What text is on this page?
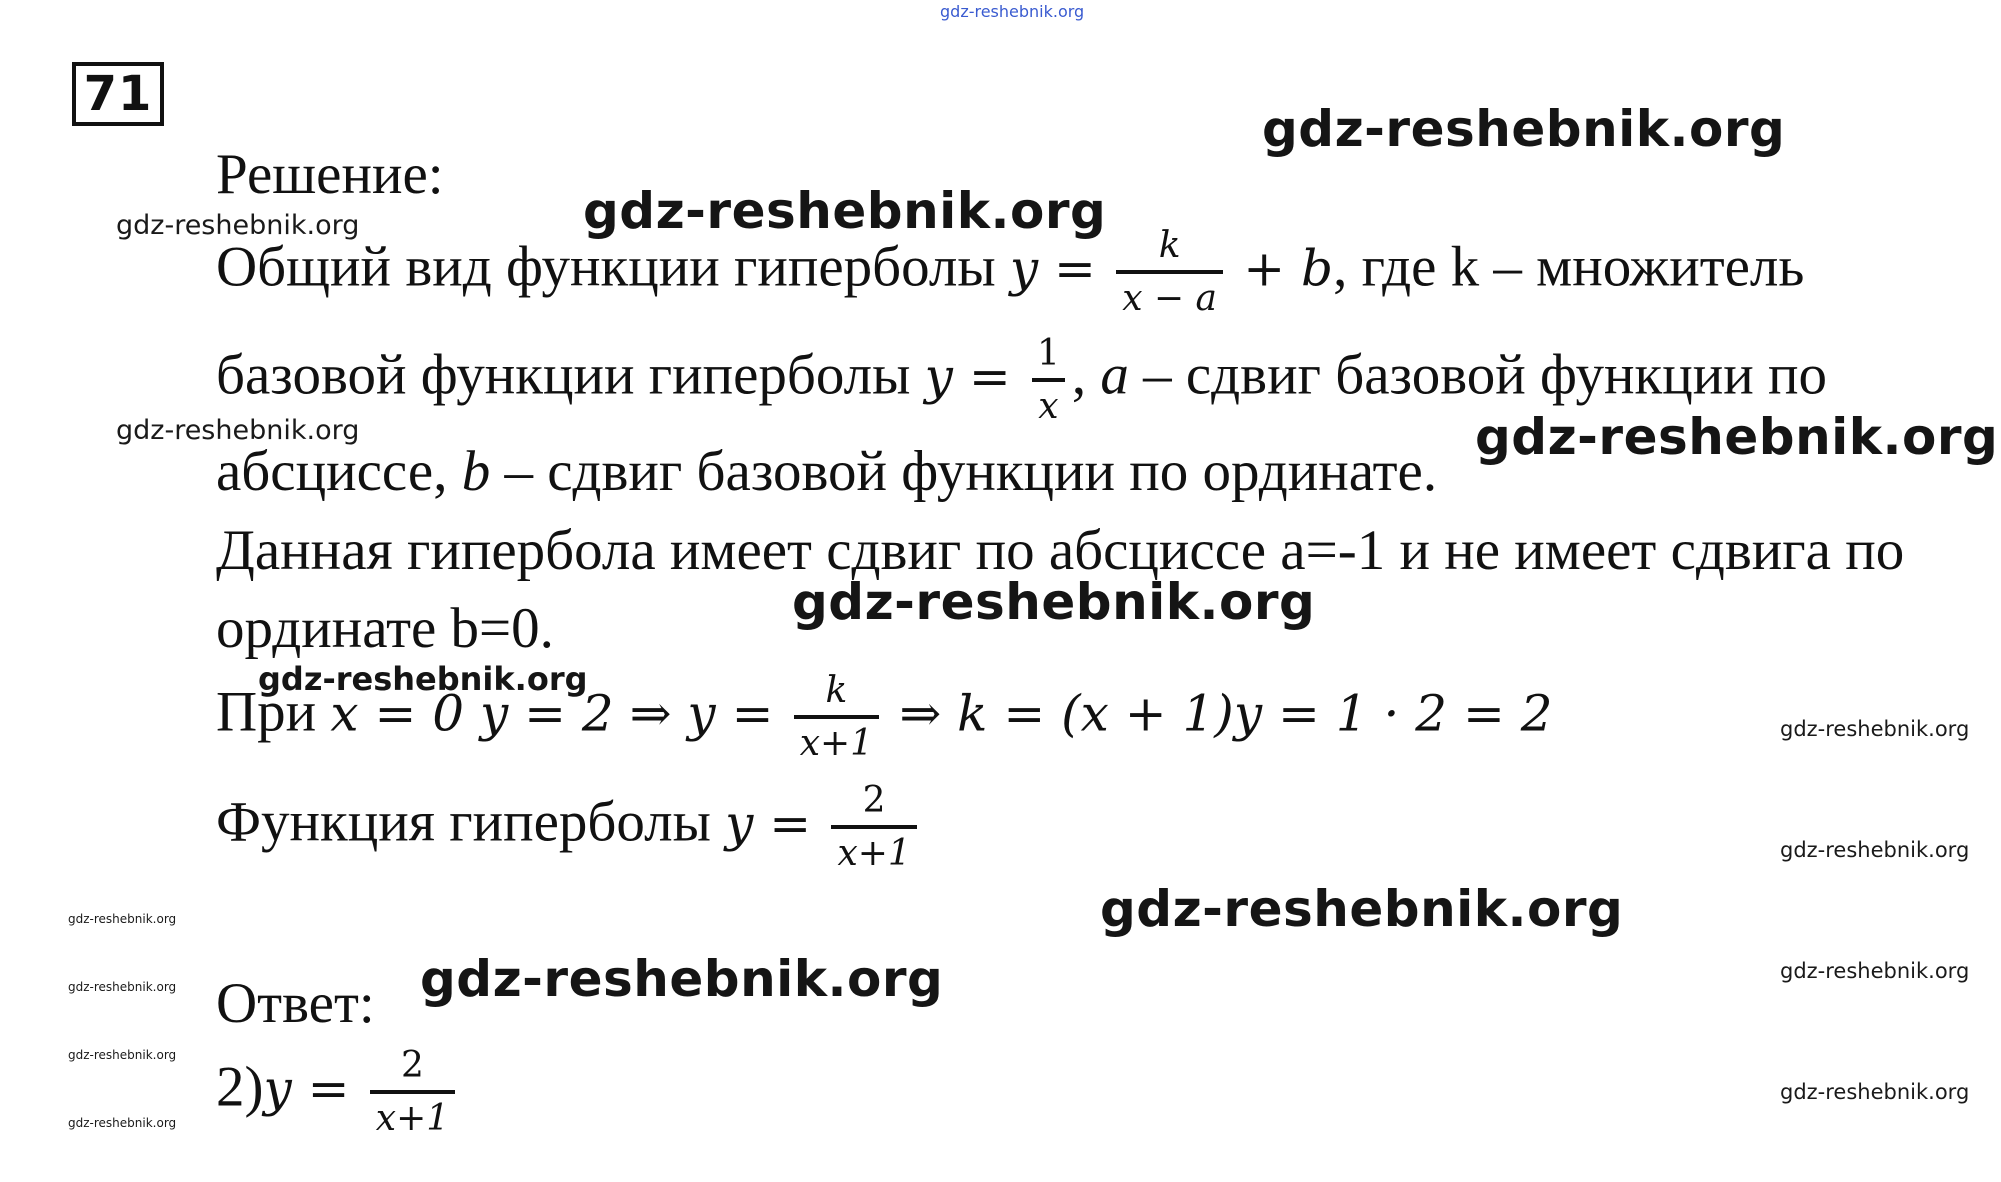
gdz-reshebnik.org
71
Решение:
Общий вид функции гиперболы $y = \frac{k}{x - a} + b$, где k – множитель
базовой функции гиперболы $y = \frac{1}{x}$ , a – сдвиг базовой функции по
абсциссе, b – сдвиг базовой функции по ординате.
Данная гипербола имеет сдвиг по абсциссе a=-1 и не имеет сдвига по
ординате b=0.
При x = 0 y = 2 ⇒ $y = \frac{k}{x+1}$ ⇒ k = (x + 1)y = 1 · 2 = 2
Функция гиперболы $y = \frac{2}{x+1}$
Ответ:
$2)y = \frac{2}{x+1}$
gdz-reshebnik.org
gdz-reshebnik.org
gdz-reshebnik.org
gdz-reshebnik.org
gdz-reshebnik.org
gdz-reshebnik.org
gdz-reshebnik.org
gdz-reshebnik.org
gdz-reshebnik.org
gdz-reshebnik.org
gdz-reshebnik.org
gdz-reshebnik.org
gdz-reshebnik.org
gdz-reshebnik.org
gdz-reshebnik.org
gdz-reshebnik.org
gdz-reshebnik.org
